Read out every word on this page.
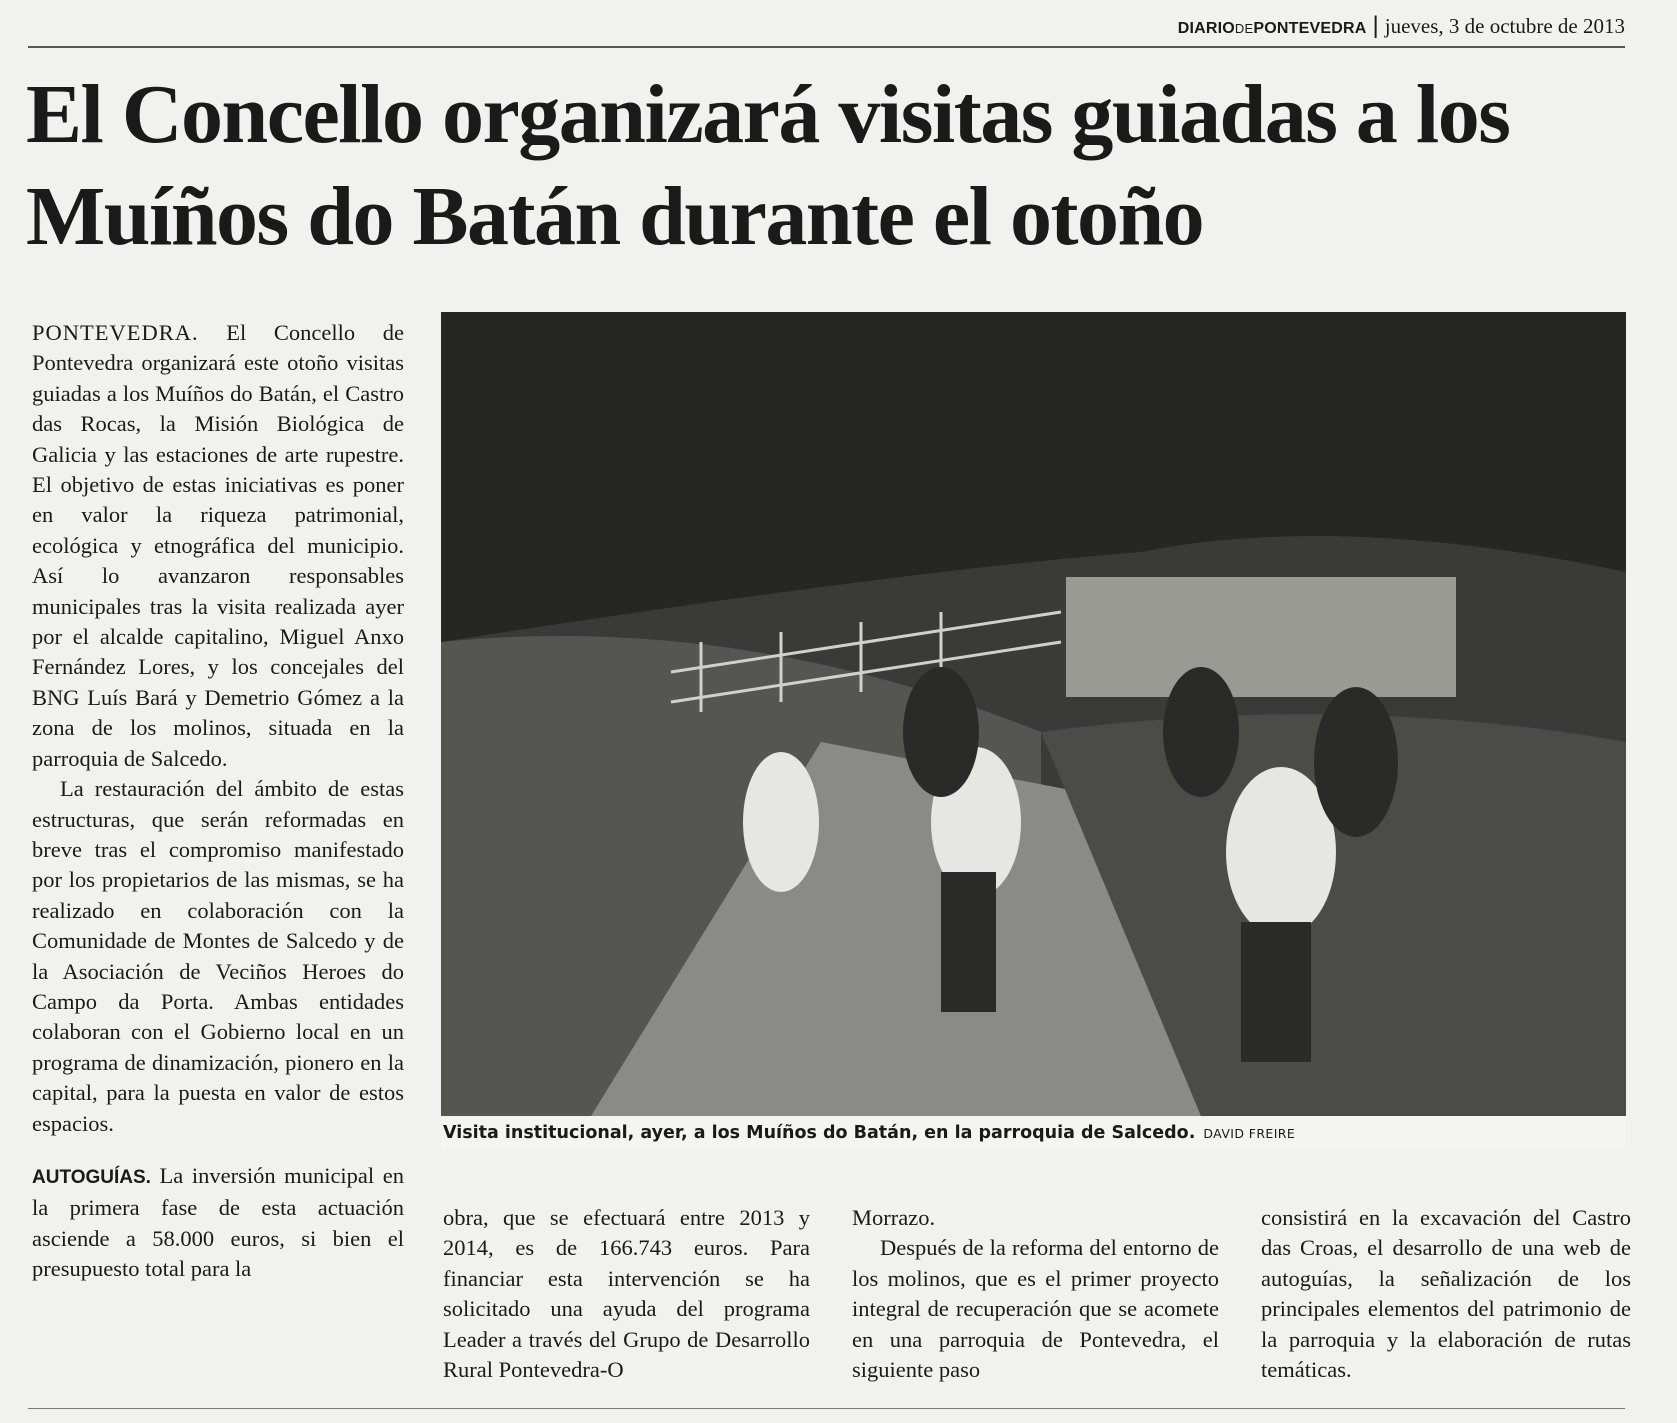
DIARIODEPONTEVEDRA | jueves, 3 de octubre de 2013
El Concello organizará visitas guiadas a los Muíños do Batán durante el otoño

PONTEVEDRA. El Concello de Pontevedra organizará este otoño visitas guiadas a los Muíños do Batán, el Castro das Rocas, la Misión Biológica de Galicia y las estaciones de arte rupestre. El objetivo de estas iniciativas es poner en valor la riqueza patrimonial, ecológica y etnográfica del municipio. Así lo avanzaron responsables municipales tras la visita realizada ayer por el alcalde capitalino, Miguel Anxo Fernández Lores, y los concejales del BNG Luís Bará y Demetrio Gómez a la zona de los molinos, situada en la parroquia de Salcedo.

La restauración del ámbito de estas estructuras, que serán reformadas en breve tras el compromiso manifestado por los propietarios de las mismas, se ha realizado en colaboración con la Comunidade de Montes de Salcedo y de la Asociación de Veciños Heroes do Campo da Porta. Ambas entidades colaboran con el Gobierno local en un programa de dinamización, pionero en la capital, para la puesta en valor de estos espacios.

AUTOGUÍAS. La inversión municipal en la primera fase de esta actuación asciende a 58.000 euros, si bien el presupuesto total para la

Visita institucional, ayer, a los Muíños do Batán, en la parroquia de Salcedo. DAVID FREIRE

obra, que se efectuará entre 2013 y 2014, es de 166.743 euros. Para financiar esta intervención se ha solicitado una ayuda del programa Leader a través del Grupo de Desarrollo Rural Pontevedra-O

Morrazo.

Después de la reforma del entorno de los molinos, que es el primer proyecto integral de recuperación que se acomete en una parroquia de Pontevedra, el siguiente paso

consistirá en la excavación del Castro das Croas, el desarrollo de una web de autoguías, la señalización de los principales elementos del patrimonio de la parroquia y la elaboración de rutas temáticas.
